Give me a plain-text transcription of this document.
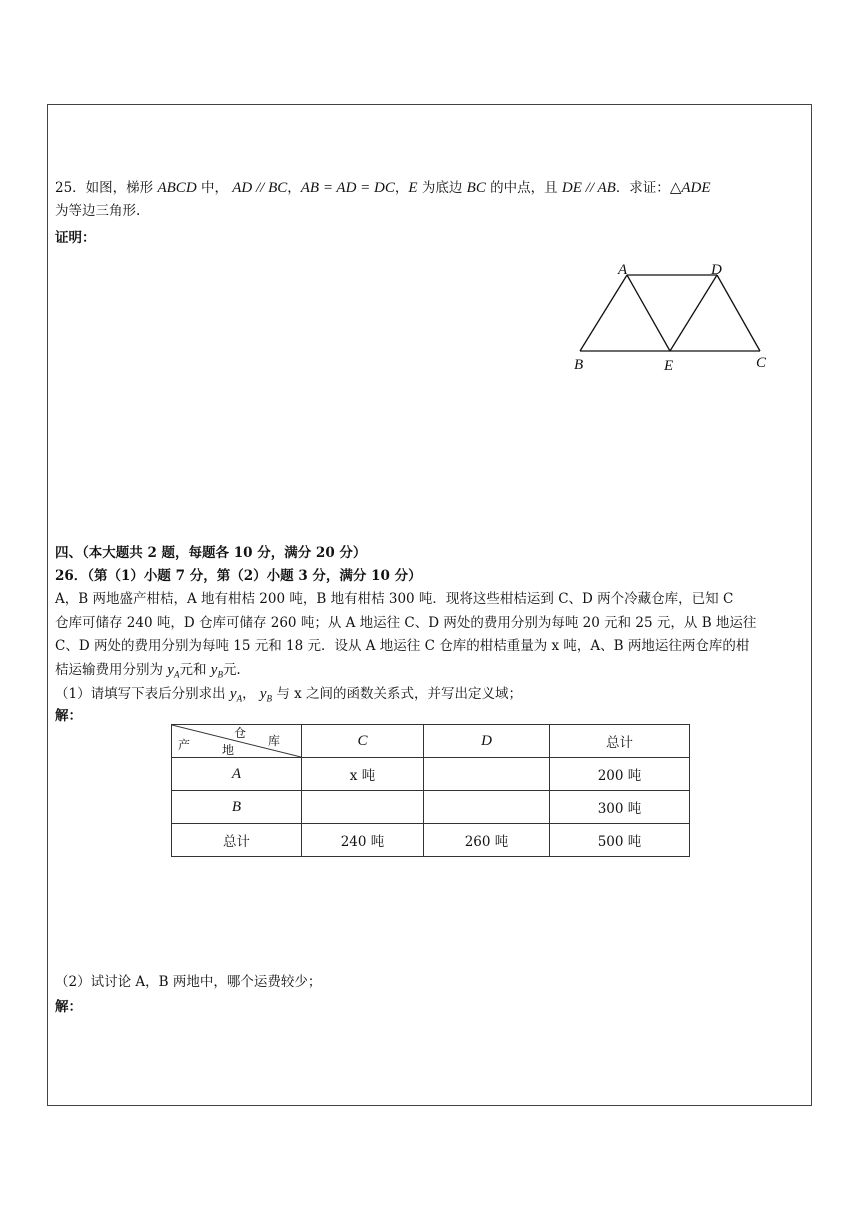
25．如图，梯形 ABCD 中， AD // BC，AB = AD = DC，E 为底边 BC 的中点，且 DE // AB．求证：△ADE
为等边三角形.
证明：
A	D
B	E	C
四、（本大题共 2 题，每题各 10 分，满分 20 分）
26．（第（1）小题 7 分，第（2）小题 3 分，满分 10 分）
A，B 两地盛产柑桔，A 地有柑桔 200 吨，B 地有柑桔 300 吨．现将这些柑桔运到 C、D 两个冷藏仓库，已知 C
仓库可储存 240 吨，D 仓库可储存 260 吨；从 A 地运往 C、D 两处的费用分别为每吨 20 元和 25 元，从 B 地运往
C、D 两处的费用分别为每吨 15 元和 18 元．设从 A 地运往 C 仓库的柑桔重量为 x 吨，A、B 两地运往两仓库的柑
桔运输费用分别为 $y_A$元和 $y_B$元.
（1）请填写下表后分别求出 $y_A$， $y_B$ 与 x 之间的函数关系式，并写出定义域；
解：
仓
库
产 地	C	D	总计
A	x 吨		200 吨
B			300 吨
总计	240 吨	260 吨	500 吨
（2）试讨论 A，B 两地中，哪个运费较少；
解：
